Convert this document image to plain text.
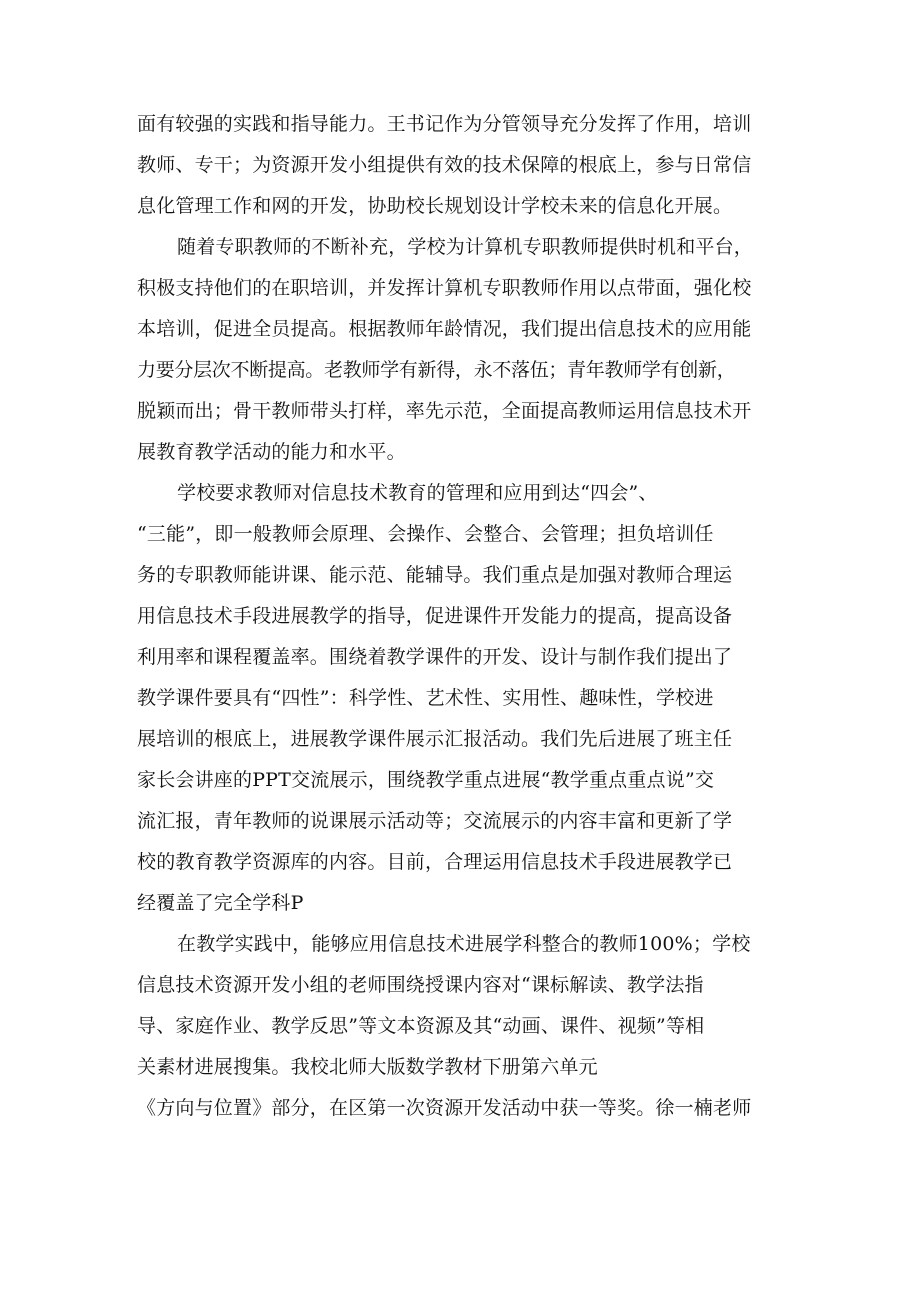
面有较强的实践和指导能力。王书记作为分管领导充分发挥了作用，培训
教师、专干；为资源开发小组提供有效的技术保障的根底上，参与日常信
息化管理工作和网的开发，协助校长规划设计学校未来的信息化开展。
随着专职教师的不断补充，学校为计算机专职教师提供时机和平台，
积极支持他们的在职培训，并发挥计算机专职教师作用以点带面，强化校
本培训，促进全员提高。根据教师年龄情况，我们提出信息技术的应用能
力要分层次不断提高。老教师学有新得，永不落伍；青年教师学有创新，
脱颖而出；骨干教师带头打样，率先示范，全面提高教师运用信息技术开
展教育教学活动的能力和水平。
学校要求教师对信息技术教育的管理和应用到达“四会”、
“三能”，即一般教师会原理、会操作、会整合、会管理；担负培训任
务的专职教师能讲课、能示范、能辅导。我们重点是加强对教师合理运
用信息技术手段进展教学的指导，促进课件开发能力的提高，提高设备
利用率和课程覆盖率。围绕着教学课件的开发、设计与制作我们提出了
教学课件要具有“四性”：科学性、艺术性、实用性、趣味性，学校进
展培训的根底上，进展教学课件展示汇报活动。我们先后进展了班主任
家长会讲座的PPT交流展示，围绕教学重点进展“教学重点重点说”交
流汇报，青年教师的说课展示活动等；交流展示的内容丰富和更新了学
校的教育教学资源库的内容。目前，合理运用信息技术手段进展教学已
经覆盖了完全学科P
在教学实践中，能够应用信息技术进展学科整合的教师100%；学校
信息技术资源开发小组的老师围绕授课内容对“课标解读、教学法指
导、家庭作业、教学反思”等文本资源及其“动画、课件、视频”等相
关素材进展搜集。我校北师大版数学教材下册第六单元
《方向与位置》部分，在区第一次资源开发活动中获一等奖。徐一楠老师
